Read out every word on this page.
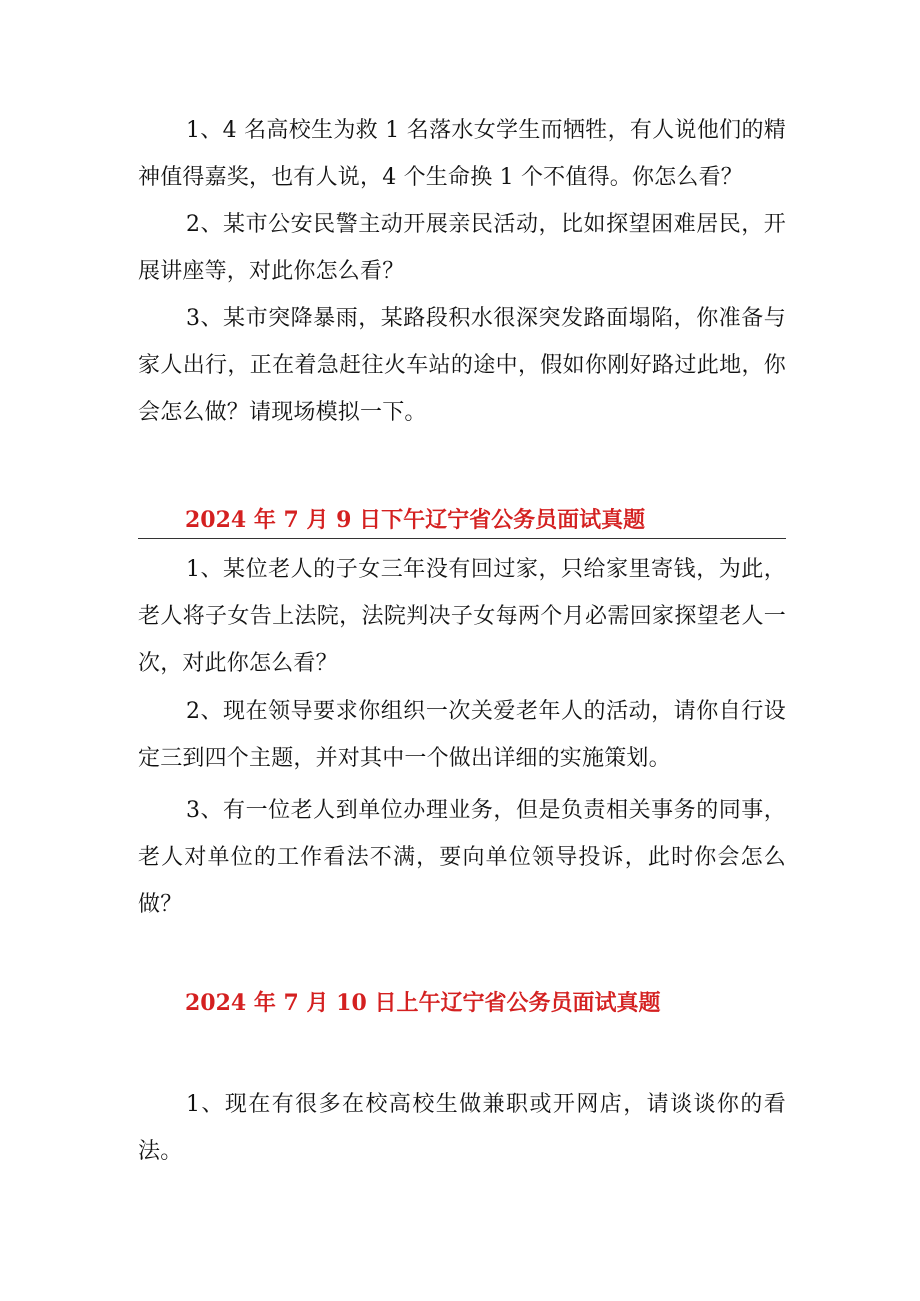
1、4 名高校生为救 1 名落水女学生而牺牲，有人说他们的精神值得嘉奖，也有人说，4 个生命换 1 个不值得。你怎么看？

2、某市公安民警主动开展亲民活动，比如探望困难居民，开展讲座等，对此你怎么看？

3、某市突降暴雨，某路段积水很深突发路面塌陷，你准备与家人出行，正在着急赶往火车站的途中，假如你刚好路过此地，你会怎么做？请现场模拟一下。

2024 年 7 月 9 日下午辽宁省公务员面试真题

1、某位老人的子女三年没有回过家，只给家里寄钱，为此，老人将子女告上法院，法院判决子女每两个月必需回家探望老人一次，对此你怎么看？

2、现在领导要求你组织一次关爱老年人的活动，请你自行设定三到四个主题，并对其中一个做出详细的实施策划。

3、有一位老人到单位办理业务，但是负责相关事务的同事，老人对单位的工作看法不满，要向单位领导投诉，此时你会怎么做？

2024 年 7 月 10 日上午辽宁省公务员面试真题

1、现在有很多在校高校生做兼职或开网店，请谈谈你的看法。
